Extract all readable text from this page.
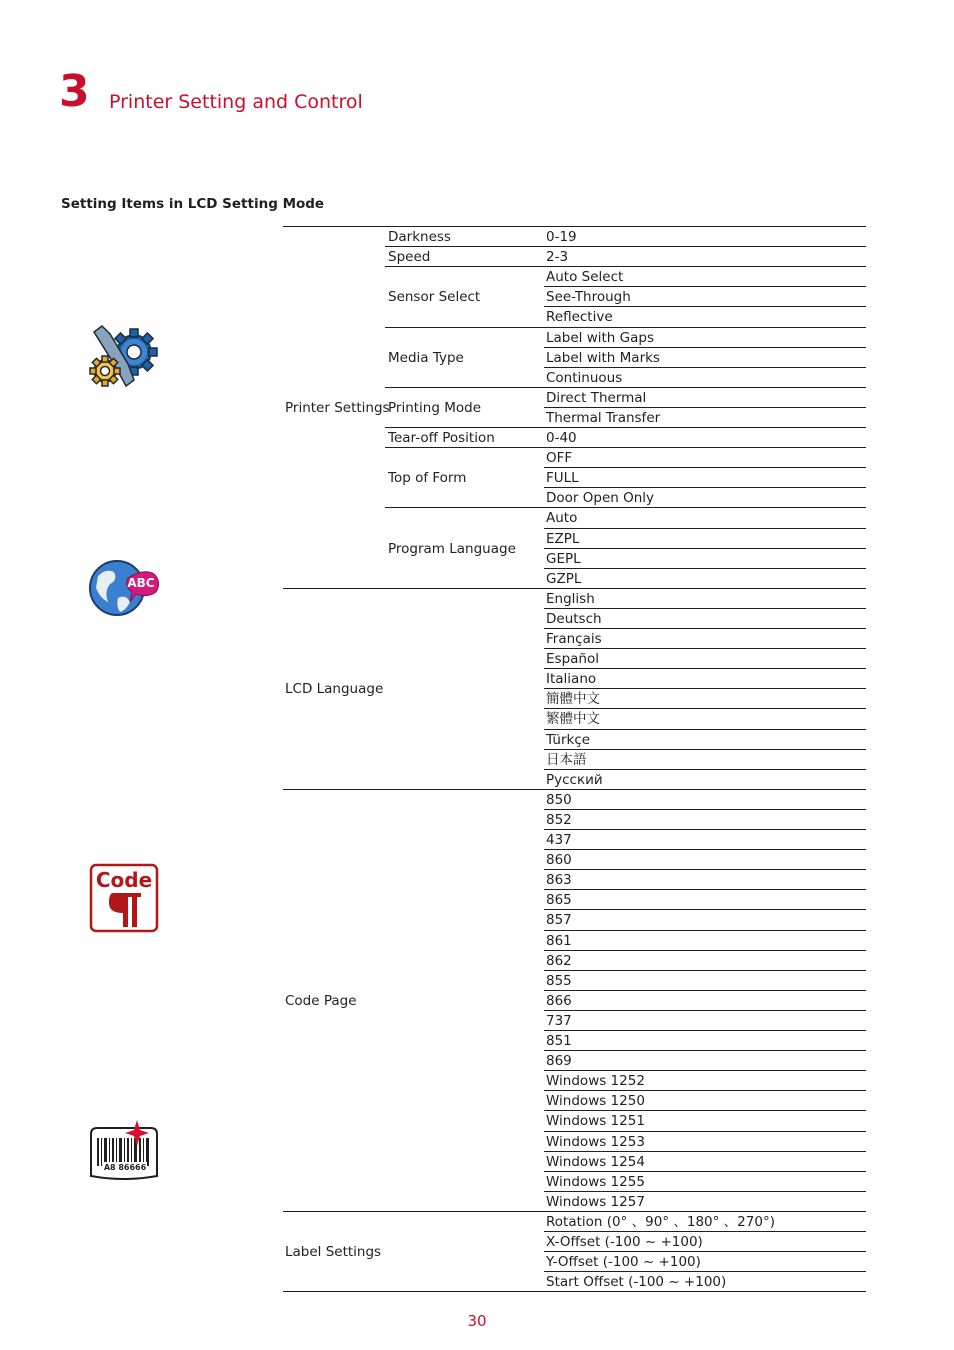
3 Printer Setting and Control
Setting Items in LCD Setting Mode
ABC
Code
A8 86666
0-19
Darkness
2-3
Speed
Auto Select
See-Through
Reflective
Sensor Select
Label with Gaps
Label with Marks
Continuous
Media Type
Direct Thermal
Thermal Transfer
Printing Mode
0-40
Tear-off Position
OFF
FULL
Door Open Only
Top of Form
Auto
EZPL
GEPL
GZPL
Program Language
Printer Settings
English
Deutsch
Français
Español
Italiano
簡體中文
繁體中文
Türkçe
日本語
Русский
LCD Language
850
852
437
860
863
865
857
861
862
855
866
737
851
869
Windows 1252
Windows 1250
Windows 1251
Windows 1253
Windows 1254
Windows 1255
Windows 1257
Code Page
Rotation (0° 、90° 、180° 、270°)
X-Offset (-100 ~ +100)
Y-Offset (-100 ~ +100)
Start Offset (-100 ~ +100)
Label Settings
30
